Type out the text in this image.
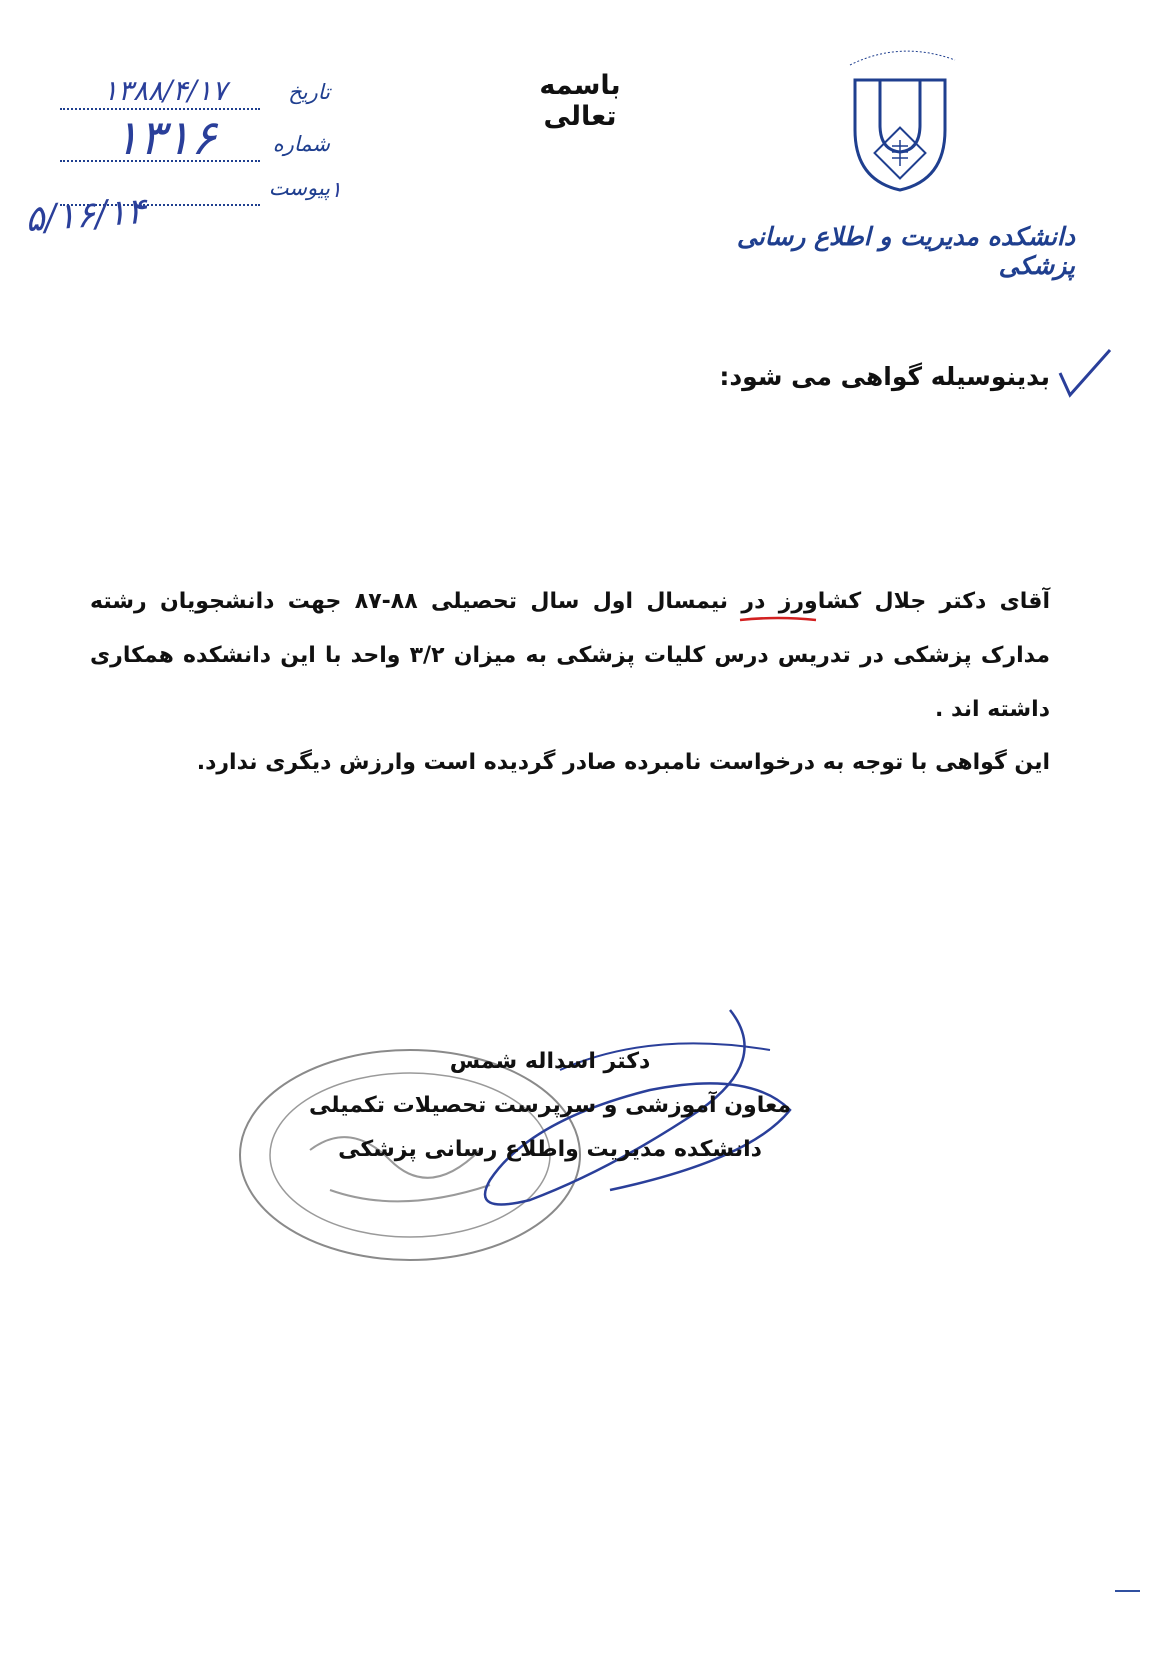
باسمه تعالی
دانشکده مدیریت و اطلاع رسانی پزشکی
۱۳۸۸/۴/۱۷	تاریخ
۱۳۱۶	شماره
پیوست ۱
۵/۱۶/۱۴
بدینوسیله گواهی می شود:
آقای دکتر جلال کشاورز در نیمسال اول سال تحصیلی ۸۸-۸۷ جهت دانشجویان رشته مدارک پزشکی در تدریس درس کلیات پزشکی به میزان ۳/۲ واحد با این دانشکده همکاری داشته اند .
این گواهی با توجه به درخواست نامبرده صادر گردیده است وارزش دیگری ندارد.
دکتر اسداله شمس
معاون آموزشی و سرپرست تحصیلات تکمیلی
دانشکده مدیریت واطلاع رسانی پزشکی
